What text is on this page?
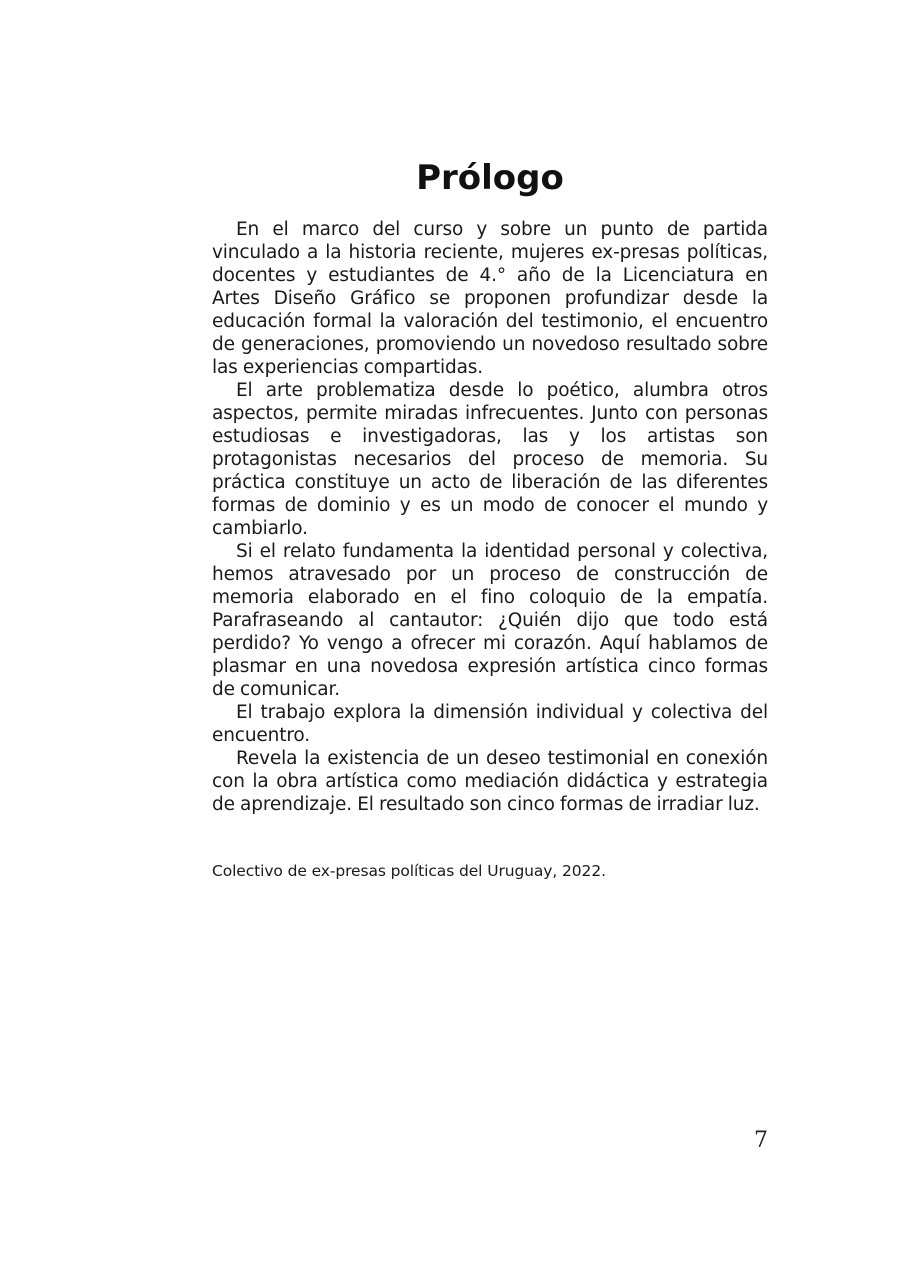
Prólogo

En el marco del curso y sobre un punto de partida vinculado a la historia reciente, mujeres ex-presas políticas, docentes y estudiantes de 4.° año de la Licenciatura en Artes Diseño Gráfico se proponen profundizar desde la educación formal la valoración del testimonio, el encuentro de generaciones, promoviendo un novedoso resultado sobre las experiencias compartidas.

El arte problematiza desde lo poético, alumbra otros aspectos, permite miradas infrecuentes. Junto con personas estudiosas e investigadoras, las y los artistas son protagonistas necesarios del proceso de memoria. Su práctica constituye un acto de liberación de las diferentes formas de dominio y es un modo de conocer el mundo y cambiarlo.

Si el relato fundamenta la identidad personal y colectiva, hemos atravesado por un proceso de construcción de memoria elaborado en el fino coloquio de la empatía. Parafraseando al cantautor: ¿Quién dijo que todo está perdido? Yo vengo a ofrecer mi corazón. Aquí hablamos de plasmar en una novedosa expresión artística cinco formas de comunicar.

El trabajo explora la dimensión individual y colectiva del encuentro.

Revela la existencia de un deseo testimonial en conexión con la obra artística como mediación didáctica y estrategia de aprendizaje. El resultado son cinco formas de irradiar luz.

Colectivo de ex-presas políticas del Uruguay, 2022.

7
